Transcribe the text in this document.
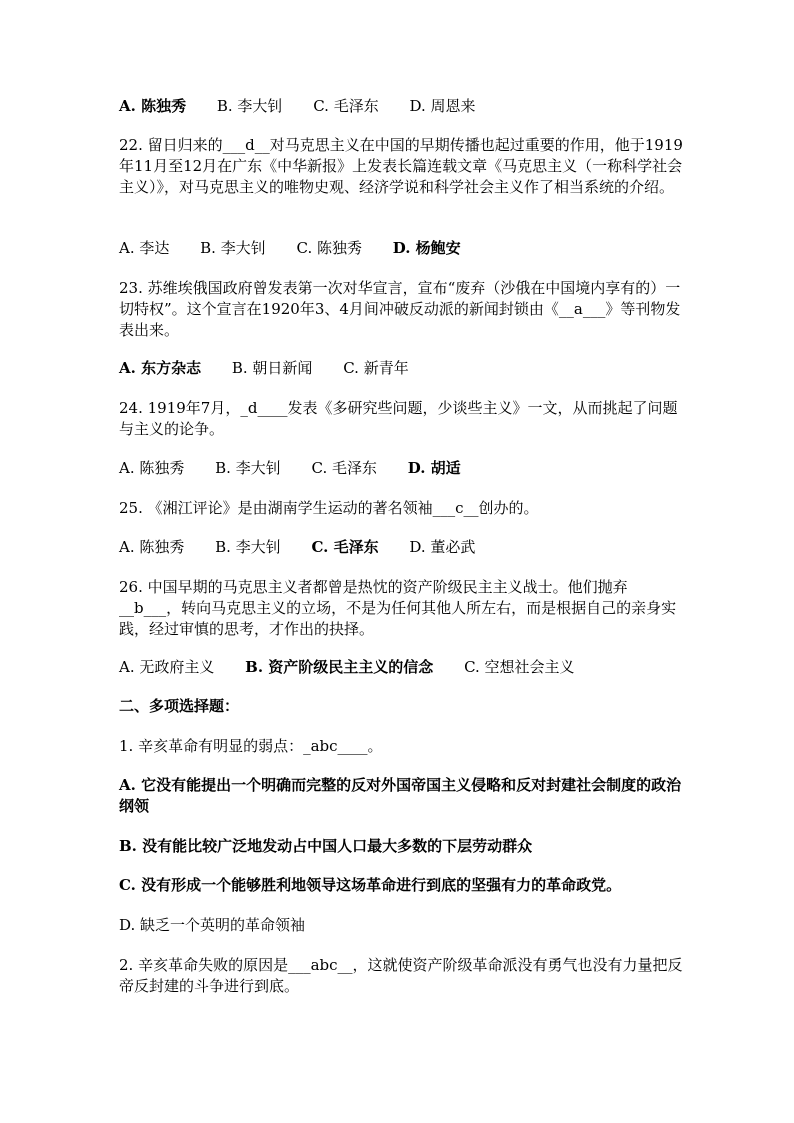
A. 陈独秀 B. 李大钊 C. 毛泽东 D. 周恩来
22. 留日归来的___d__对马克思主义在中国的早期传播也起过重要的作用，他于1919年11月至12月在广东《中华新报》上发表长篇连载文章《马克思主义（一称科学社会主义）》，对马克思主义的唯物史观、经济学说和科学社会主义作了相当系统的介绍。
A. 李达 B. 李大钊 C. 陈独秀 D. 杨鲍安
23. 苏维埃俄国政府曾发表第一次对华宣言，宣布“废弃（沙俄在中国境内享有的）一切特权”。这个宣言在1920年3、4月间冲破反动派的新闻封锁由《__a___》等刊物发表出来。
A. 东方杂志 B. 朝日新闻 C. 新青年
24. 1919年7月，_d____发表《多研究些问题，少谈些主义》一文，从而挑起了问题与主义的论争。
A. 陈独秀 B. 李大钊 C. 毛泽东 D. 胡适
25. 《湘江评论》是由湖南学生运动的著名领袖___c__创办的。
A. 陈独秀 B. 李大钊 C. 毛泽东 D. 董必武
26. 中国早期的马克思主义者都曾是热忱的资产阶级民主主义战士。他们抛弃__b___，转向马克思主义的立场，不是为任何其他人所左右，而是根据自己的亲身实践，经过审慎的思考，才作出的抉择。
A. 无政府主义 B. 资产阶级民主主义的信念 C. 空想社会主义
二、多项选择题：
1. 辛亥革命有明显的弱点：_abc____。
A. 它没有能提出一个明确而完整的反对外国帝国主义侵略和反对封建社会制度的政治纲领
B. 没有能比较广泛地发动占中国人口最大多数的下层劳动群众
C. 没有形成一个能够胜利地领导这场革命进行到底的坚强有力的革命政党。
D. 缺乏一个英明的革命领袖
2. 辛亥革命失败的原因是___abc__，这就使资产阶级革命派没有勇气也没有力量把反帝反封建的斗争进行到底。
